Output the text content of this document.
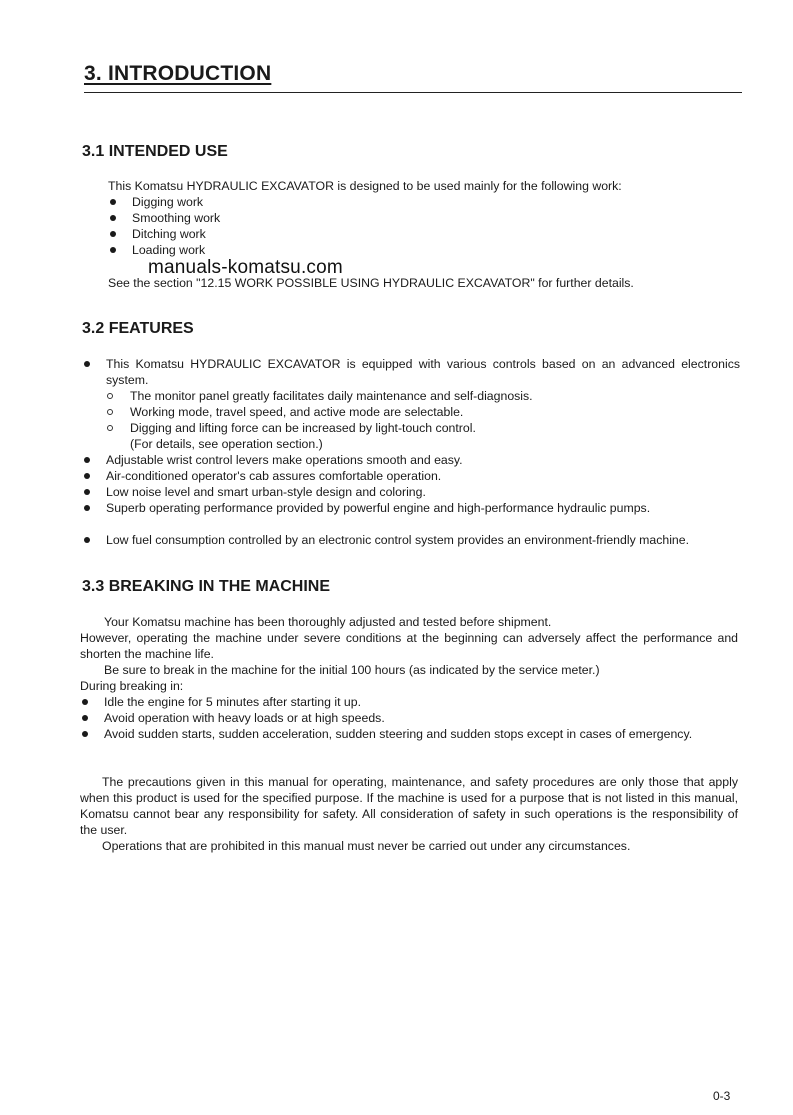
3. INTRODUCTION
3.1 INTENDED USE
This Komatsu HYDRAULIC EXCAVATOR is designed to be used mainly for the following work:
Digging work
Smoothing work
Ditching work
Loading work
manuals-komatsu.com
See the section "12.15 WORK POSSIBLE USING HYDRAULIC EXCAVATOR" for further details.
3.2 FEATURES
This Komatsu HYDRAULIC EXCAVATOR is equipped with various controls based on an advanced electronics system.
The monitor panel greatly facilitates daily maintenance and self-diagnosis.
Working mode, travel speed, and active mode are selectable.
Digging and lifting force can be increased by light-touch control.
(For details, see operation section.)
Adjustable wrist control levers make operations smooth and easy.
Air-conditioned operator's cab assures comfortable operation.
Low noise level and smart urban-style design and coloring.
Superb operating performance provided by powerful engine and high-performance hydraulic pumps.
Low fuel consumption controlled by an electronic control system provides an environment-friendly machine.
3.3 BREAKING IN THE MACHINE
Your Komatsu machine has been thoroughly adjusted and tested before shipment.
However, operating the machine under severe conditions at the beginning can adversely affect the performance and shorten the machine life.
Be sure to break in the machine for the initial 100 hours (as indicated by the service meter.)
During breaking in:
Idle the engine for 5 minutes after starting it up.
Avoid operation with heavy loads or at high speeds.
Avoid sudden starts, sudden acceleration, sudden steering and sudden stops except in cases of emergency.
The precautions given in this manual for operating, maintenance, and safety procedures are only those that apply when this product is used for the specified purpose. If the machine is used for a purpose that is not listed in this manual, Komatsu cannot bear any responsibility for safety. All consideration of safety in such operations is the responsibility of the user.
Operations that are prohibited in this manual must never be carried out under any circumstances.
0-3
